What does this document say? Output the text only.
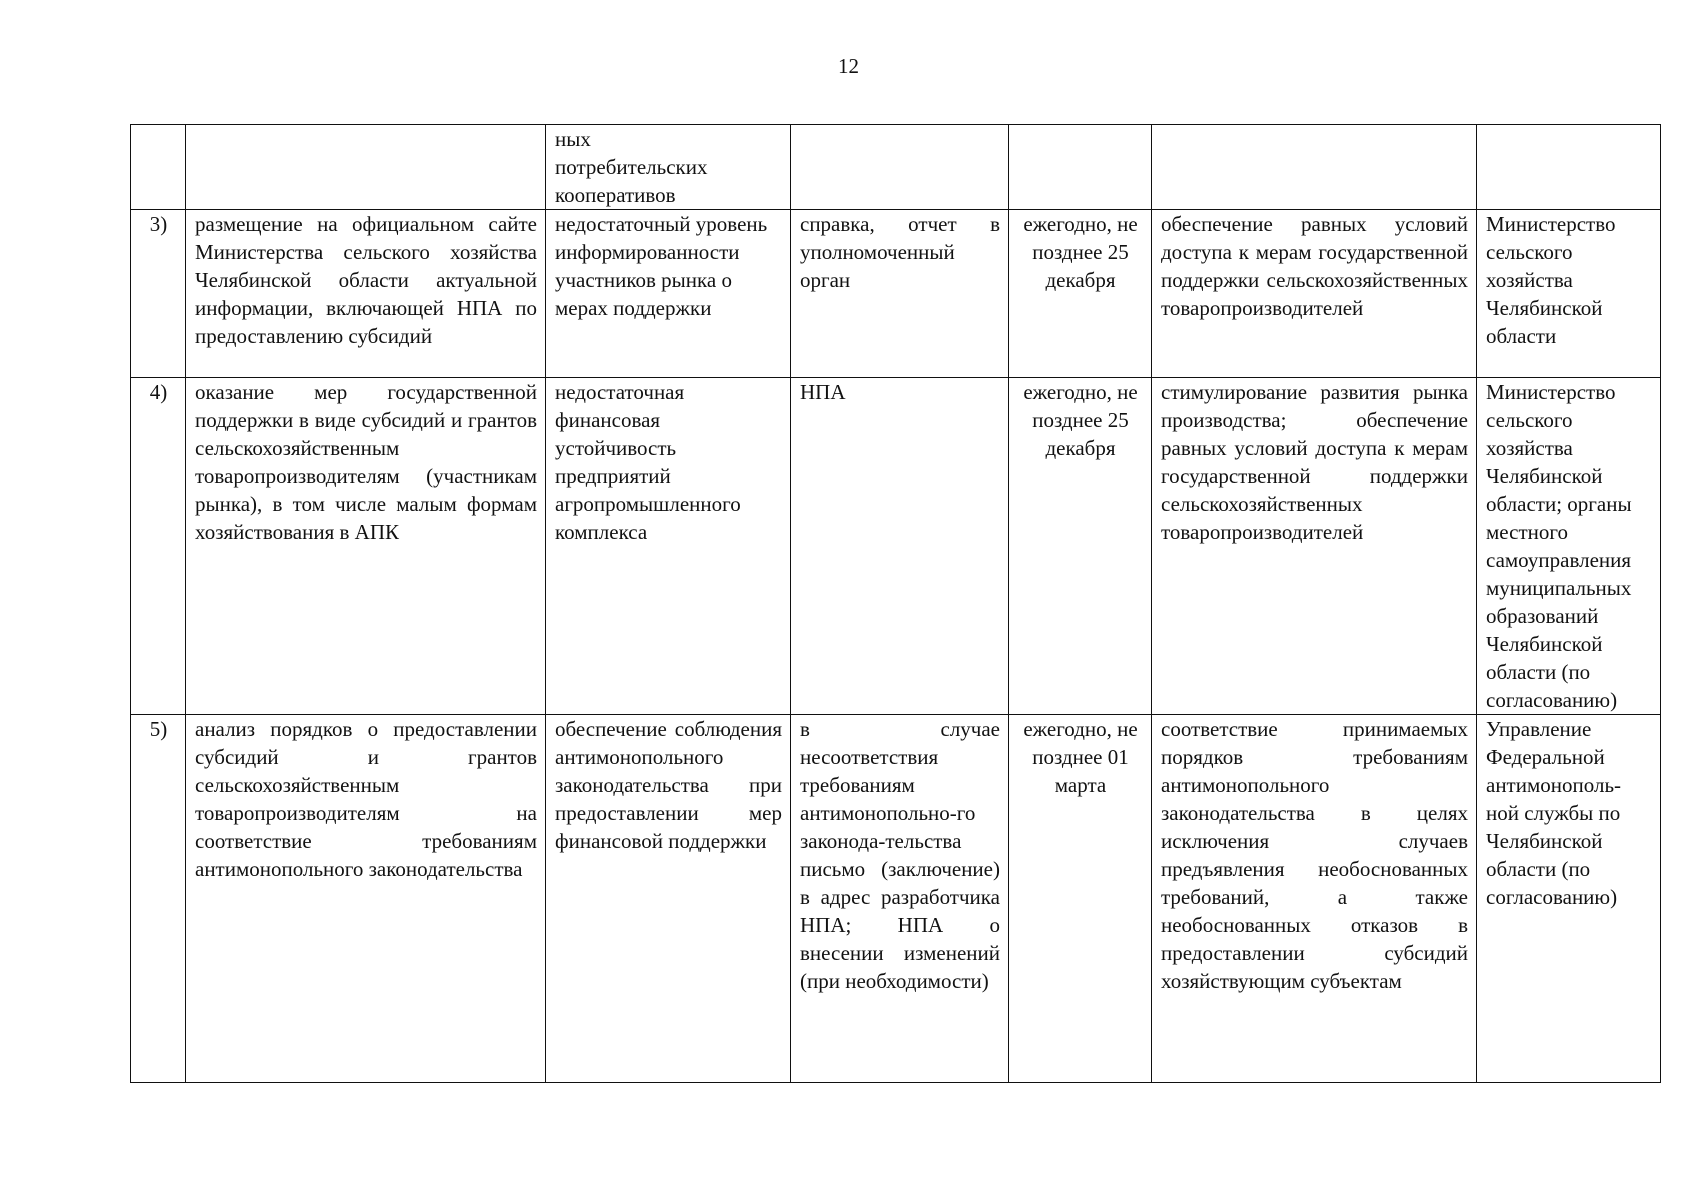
12

		ных
потребительских
кооперативов				

3)	размещение на официальном сайте Министерства сельского хозяйства Челябинской области актуальной информации, включающей НПА по предоставлению субсидий	недостаточный уровень информированности участников рынка о мерах поддержки	справка, отчет в уполномоченный орган	ежегодно, не позднее 25 декабря	обеспечение равных условий доступа к мерам государственной поддержки сельскохозяйственных товаропроизводителей	Министерство сельского хозяйства Челябинской области
4)	оказание мер государственной поддержки в виде субсидий и грантов сельскохозяйственным товаропроизводителям (участникам рынка), в том числе малым формам хозяйствования в АПК	недостаточная финансовая устойчивость предприятий агропромышленного комплекса	НПА	ежегодно, не позднее 25 декабря	стимулирование развития рынка производства; обеспечение равных условий доступа к мерам государственной поддержки сельскохозяйственных товаропроизводителей	Министерство сельского хозяйства Челябинской области; органы местного самоуправления муниципальных образований Челябинской области (по согласованию)
5)	анализ порядков о предоставлении субсидий и грантов сельскохозяйственным товаропроизводителям на соответствие требованиям антимонопольного законодательства	обеспечение соблюдения антимонопольного законодательства при предоставлении мер финансовой поддержки	в случае несоответствия требованиям антимонопольно-го законода-тельства письмо (заключение) в адрес разработчика НПА; НПА о внесении изменений (при необходимости)	ежегодно, не позднее 01 марта	соответствие принимаемых порядков требованиям антимонопольного законодательства в целях исключения случаев предъявления необоснованных требований, а также необоснованных отказов в предоставлении субсидий хозяйствующим субъектам	Управление Федеральной антимонополь-ной службы по Челябинской области (по согласованию)
